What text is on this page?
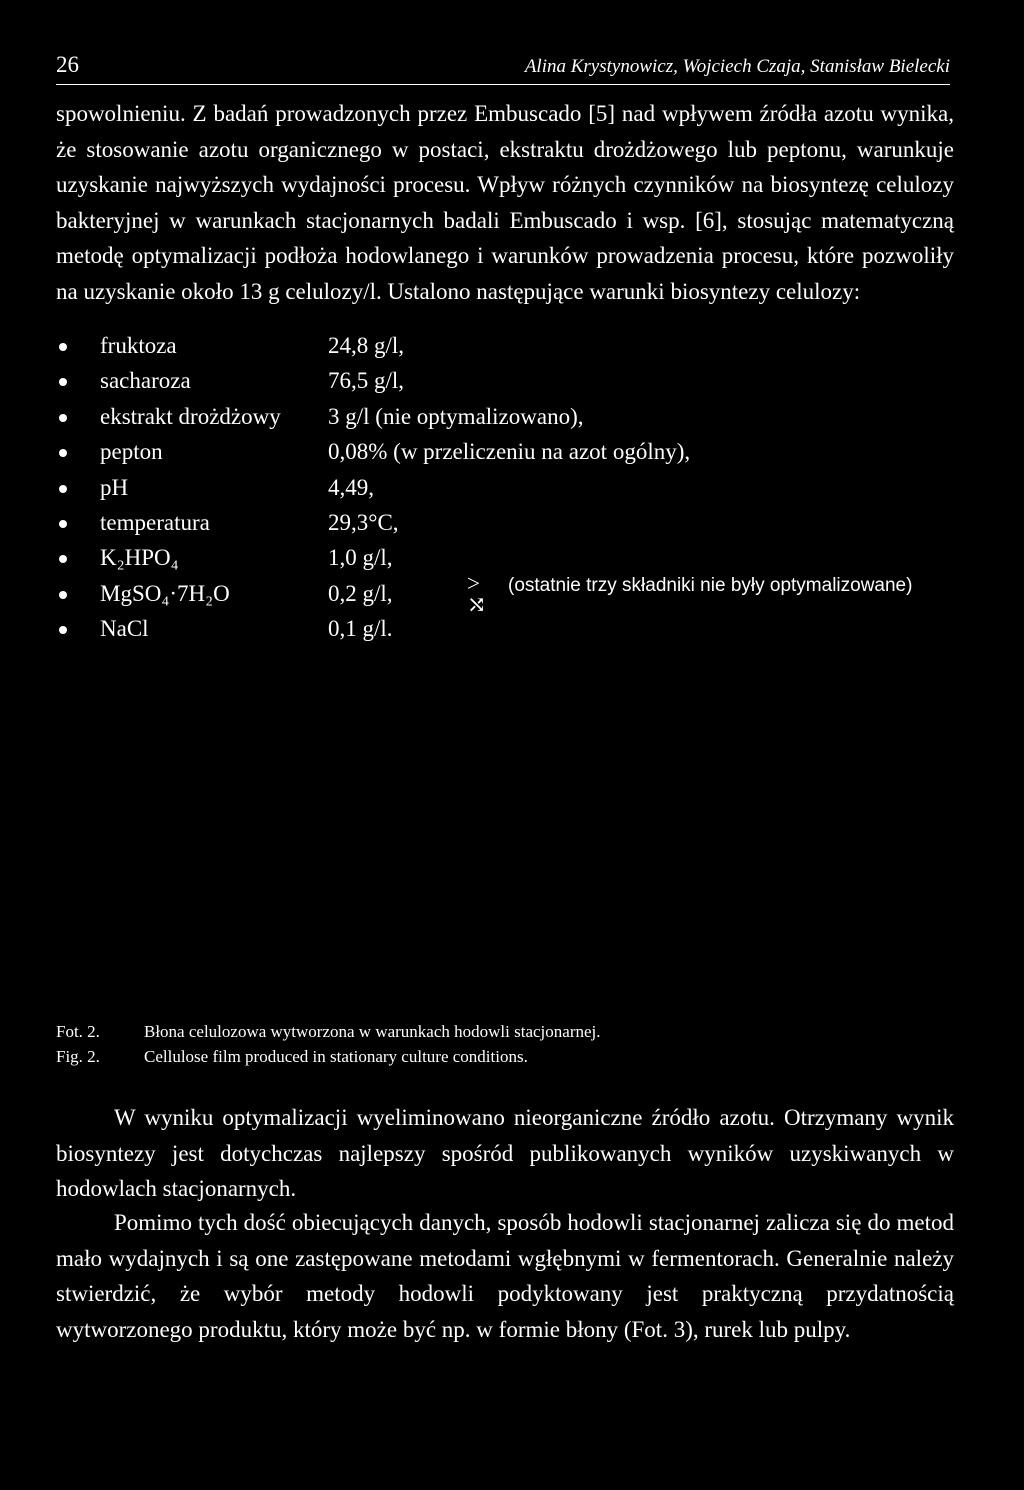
26	Alina Krystynowicz, Wojciech Czaja, Stanisław Bielecki

spowolnieniu. Z badań prowadzonych przez Embuscado [5] nad wpływem źródła azotu wynika, że stosowanie azotu organicznego w postaci, ekstraktu drożdżowego lub peptonu, warunkuje uzyskanie najwyższych wydajności procesu. Wpływ różnych czynników na biosyntezę celulozy bakteryjnej w warunkach stacjonarnych badali Embuscado i wsp. [6], stosując matematyczną metodę optymalizacji podłoża hodowlanego i warunków prowadzenia procesu, które pozwoliły na uzyskanie około 13 g celulozy/l. Ustalono następujące warunki biosyntezy celulozy:

fruktoza	24,8 g/l,
sacharoza	76,5 g/l,
ekstrakt drożdżowy 3 g/l (nie optymalizowano),
pepton	0,08% (w przeliczeniu na azot ogólny),
pH	4,49,
temperatura	29,3°C,
K₂HPO₄	1,0 g/l,
MgSO₄·7H₂O	0,2 g/l,
NaCl	0,1 g/l.
>
⤭
(ostatnie trzy składniki nie były optymalizowane)
Fot. 2.	Błona celulozowa wytworzona w warunkach hodowli stacjonarnej.
Fig. 2.	Cellulose film produced in stationary culture conditions.

W wyniku optymalizacji wyeliminowano nieorganiczne źródło azotu. Otrzymany wynik biosyntezy jest dotychczas najlepszy spośród publikowanych wyników uzyskiwanych w hodowlach stacjonarnych.

Pomimo tych dość obiecujących danych, sposób hodowli stacjonarnej zalicza się do metod mało wydajnych i są one zastępowane metodami wgłębnymi w fermentorach. Generalnie należy stwierdzić, że wybór metody hodowli podyktowany jest praktyczną przydatnością wytworzonego produktu, który może być np. w formie błony (Fot. 3), rurek lub pulpy.
